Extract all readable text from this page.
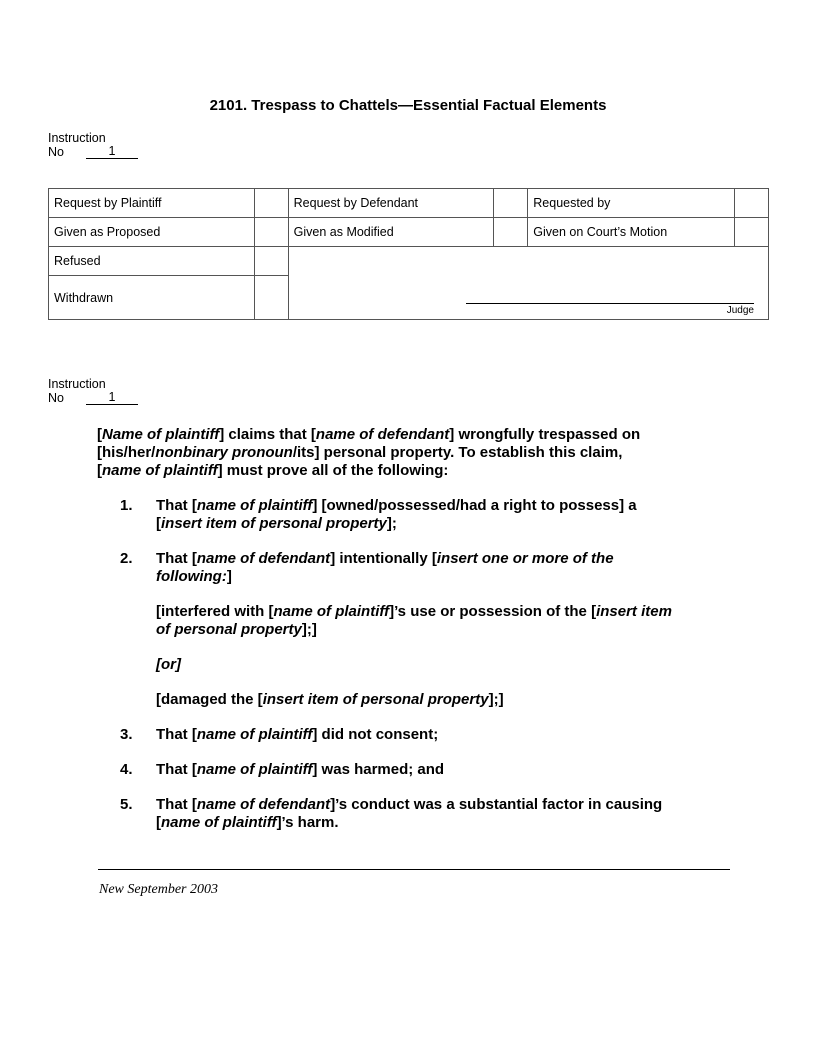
2101. Trespass to Chattels—Essential Factual Elements
Instruction
No	1
Request by Plaintiff		Request by Defendant		Requested by	
Given as Proposed		Given as Modified		Given on Court’s Motion	
Refused		Judge			

Withdrawn					
Instruction
No	1
[Name of plaintiff] claims that [name of defendant] wrongfully trespassed on
[his/her/nonbinary pronoun/its] personal property. To establish this claim,
[name of plaintiff] must prove all of the following:
1.	That [name of plaintiff] [owned/possessed/had a right to possess] a
[insert item of personal property];
2.	That [name of defendant] intentionally [insert one or more of the
following:]
[interfered with [name of plaintiff]’s use or possession of the [insert item
of personal property];]
[or]
[damaged the [insert item of personal property];]
3.	That [name of plaintiff] did not consent;
4.	That [name of plaintiff] was harmed; and
5.	That [name of defendant]’s conduct was a substantial factor in causing
[name of plaintiff]’s harm.
New September 2003
